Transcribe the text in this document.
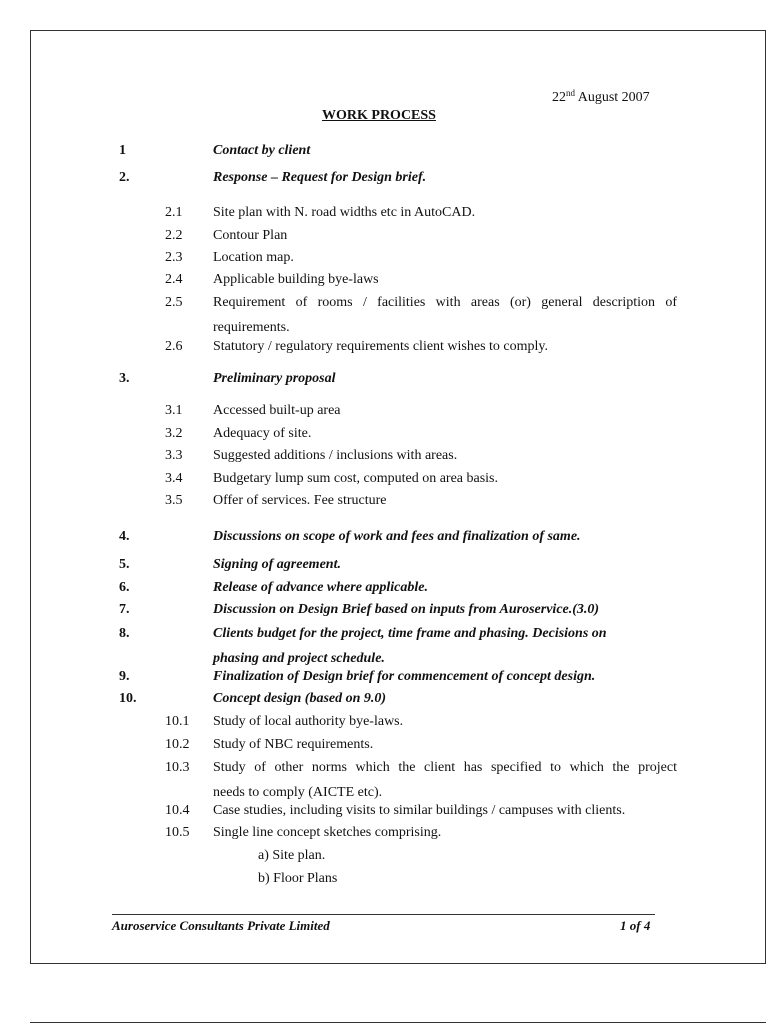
22nd August 2007
WORK PROCESS
1	Contact by client
2.	Response – Request for Design brief.
2.1 Site plan with N. road widths etc in AutoCAD.
2.2 Contour Plan
2.3 Location map.
2.4 Applicable building bye-laws
2.5 Requirement of rooms / facilities with areas (or) general description of
requirements.
2.6 Statutory / regulatory requirements client wishes to comply.
3.	Preliminary proposal
3.1 Accessed built-up area
3.2 Adequacy of site.
3.3 Suggested additions / inclusions with areas.
3.4 Budgetary lump sum cost, computed on area basis.
3.5 Offer of services. Fee structure
4.	Discussions on scope of work and fees and finalization of same.
5.	Signing of agreement.
6.	Release of advance where applicable.
7.	Discussion on Design Brief based on inputs from Auroservice.(3.0)
8.	Clients budget for the project, time frame and phasing. Decisions on
phasing and project schedule.
9.	Finalization of Design brief for commencement of concept design.
10.	Concept design (based on 9.0)
10.1 Study of local authority bye-laws.
10.2 Study of NBC requirements.
10.3 Study of other norms which the client has specified to which the project
needs to comply (AICTE etc).
10.4 Case studies, including visits to similar buildings / campuses with clients.
10.5 Single line concept sketches comprising.
a) Site plan.
b) Floor Plans
Auroservice Consultants Private Limited	1 of 4
